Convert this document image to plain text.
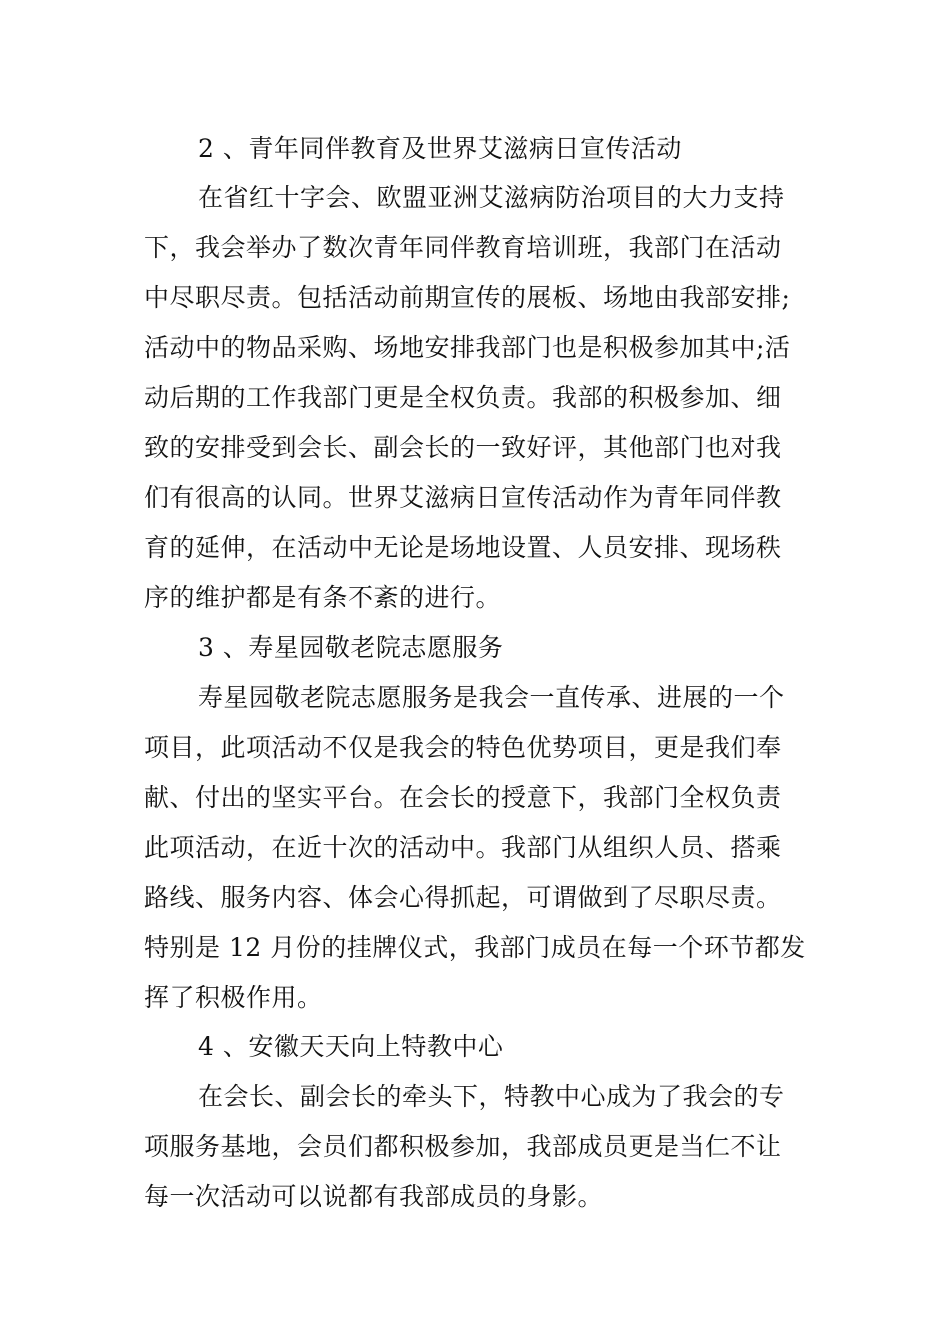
2 、青年同伴教育及世界艾滋病日宣传活动
在省红十字会、欧盟亚洲艾滋病防治项目的大力支持
下，我会举办了数次青年同伴教育培训班，我部门在活动
中尽职尽责。包括活动前期宣传的展板、场地由我部安排;
活动中的物品采购、场地安排我部门也是积极参加其中;活
动后期的工作我部门更是全权负责。我部的积极参加、细
致的安排受到会长、副会长的一致好评，其他部门也对我
们有很高的认同。世界艾滋病日宣传活动作为青年同伴教
育的延伸，在活动中无论是场地设置、人员安排、现场秩
序的维护都是有条不紊的进行。
3 、寿星园敬老院志愿服务
寿星园敬老院志愿服务是我会一直传承、进展的一个
项目，此项活动不仅是我会的特色优势项目，更是我们奉
献、付出的坚实平台。在会长的授意下，我部门全权负责
此项活动，在近十次的活动中。我部门从组织人员、搭乘
路线、服务内容、体会心得抓起，可谓做到了尽职尽责。
特别是 12 月份的挂牌仪式，我部门成员在每一个环节都发
挥了积极作用。
4 、安徽天天向上特教中心
在会长、副会长的牵头下，特教中心成为了我会的专
项服务基地，会员们都积极参加，我部成员更是当仁不让
每一次活动可以说都有我部成员的身影。
